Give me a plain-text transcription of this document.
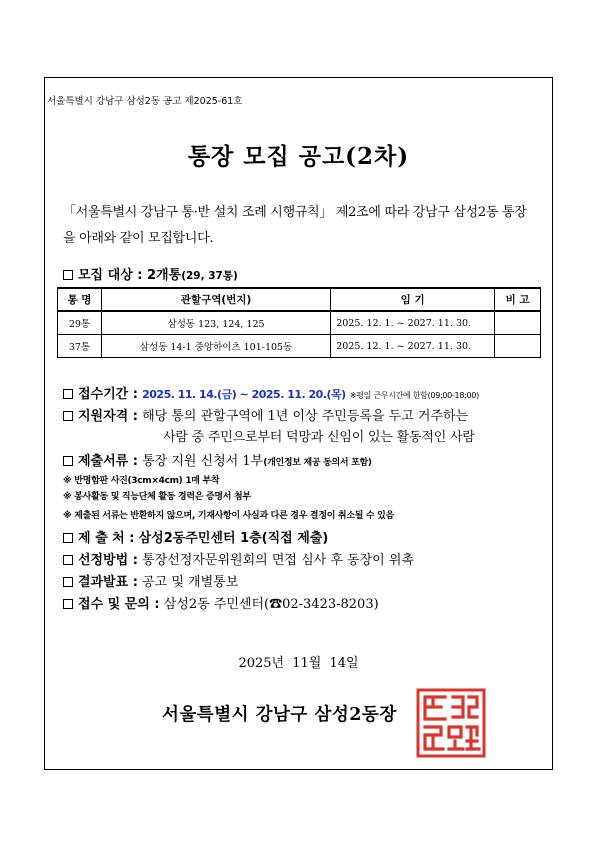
서울특별시 강남구 삼성2동 공고 제2025-61호
통장 모집 공고(2차)
「서울특별시 강남구 통·반 설치 조례 시행규칙」 제2조에 따라 강남구 삼성2동 통장을 아래와 같이 모집합니다.
모집 대상 : 2개통(29, 37통)
통 명	관할구역(번지)	임 기	비 고
29통	삼성동 123, 124, 125	2025. 12. 1. ~ 2027. 11. 30.	
37통	삼성동 14-1 중앙하이츠 101-105동	2025. 12. 1. ~ 2027. 11. 30.	
접수기간 : 2025. 11. 14.(금) ~ 2025. 11. 20.(목) ※평일 근무시간에 한함(09:00-18:00)
지원자격 : 해당 통의 관할구역에 1년 이상 주민등록을 두고 거주하는
사람 중 주민으로부터 덕망과 신임이 있는 활동적인 사람
제출서류 : 통장 지원 신청서 1부(개인정보 제공 동의서 포함)
※ 반명함판 사진(3cm×4cm) 1매 부착
※ 봉사활동 및 직능단체 활동 경력은 증명서 첨부
※ 제출된 서류는 반환하지 않으며, 기재사항이 사실과 다른 경우 결정이 취소될 수 있음
제 출 처 : 삼성2동주민센터 1층(직접 제출)
선정방법 : 통장선정자문위원회의 면접 심사 후 동장이 위촉
결과발표 : 공고 및 개별통보
접수 및 문의 : 삼성2동 주민센터(☎02-3423-8203)
2025년 11월 14일
서울특별시 강남구 삼성2동장
